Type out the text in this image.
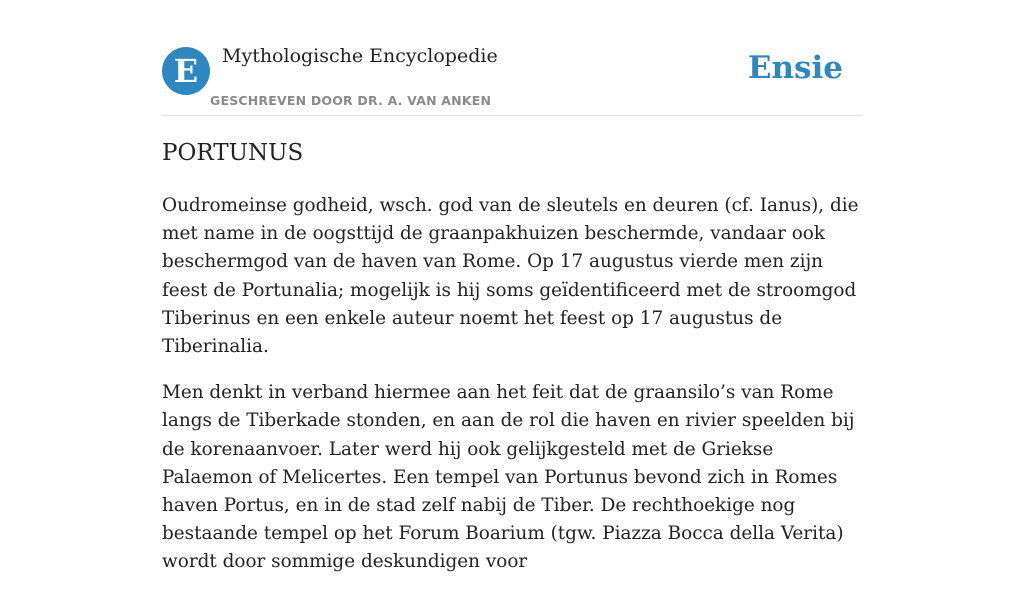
E	Mythologische Encyclopedie
GESCHREVEN DOOR DR. A. VAN ANKEN
Ensie
PORTUNUS

Oudromeinse godheid, wsch. god van de sleutels en deuren (cf. Ianus), die met name in de oogsttijd de graanpakhuizen beschermde, vandaar ook beschermgod van de haven van Rome. Op 17 augustus vierde men zijn feest de Portunalia; mogelijk is hij soms geïdentificeerd met de stroomgod Tiberinus en een enkele auteur noemt het feest op 17 augustus de Tiberinalia.

Men denkt in verband hiermee aan het feit dat de graansilo’s van Rome langs de Tiberkade stonden, en aan de rol die haven en rivier speelden bij de korenaanvoer. Later werd hij ook gelijkgesteld met de Griekse Palaemon of Melicertes. Een tempel van Portunus bevond zich in Romes haven Portus, en in de stad zelf nabij de Tiber. De rechthoekige nog bestaande tempel op het Forum Boarium (tgw. Piazza Bocca della Verita) wordt door sommige deskundigen voor
